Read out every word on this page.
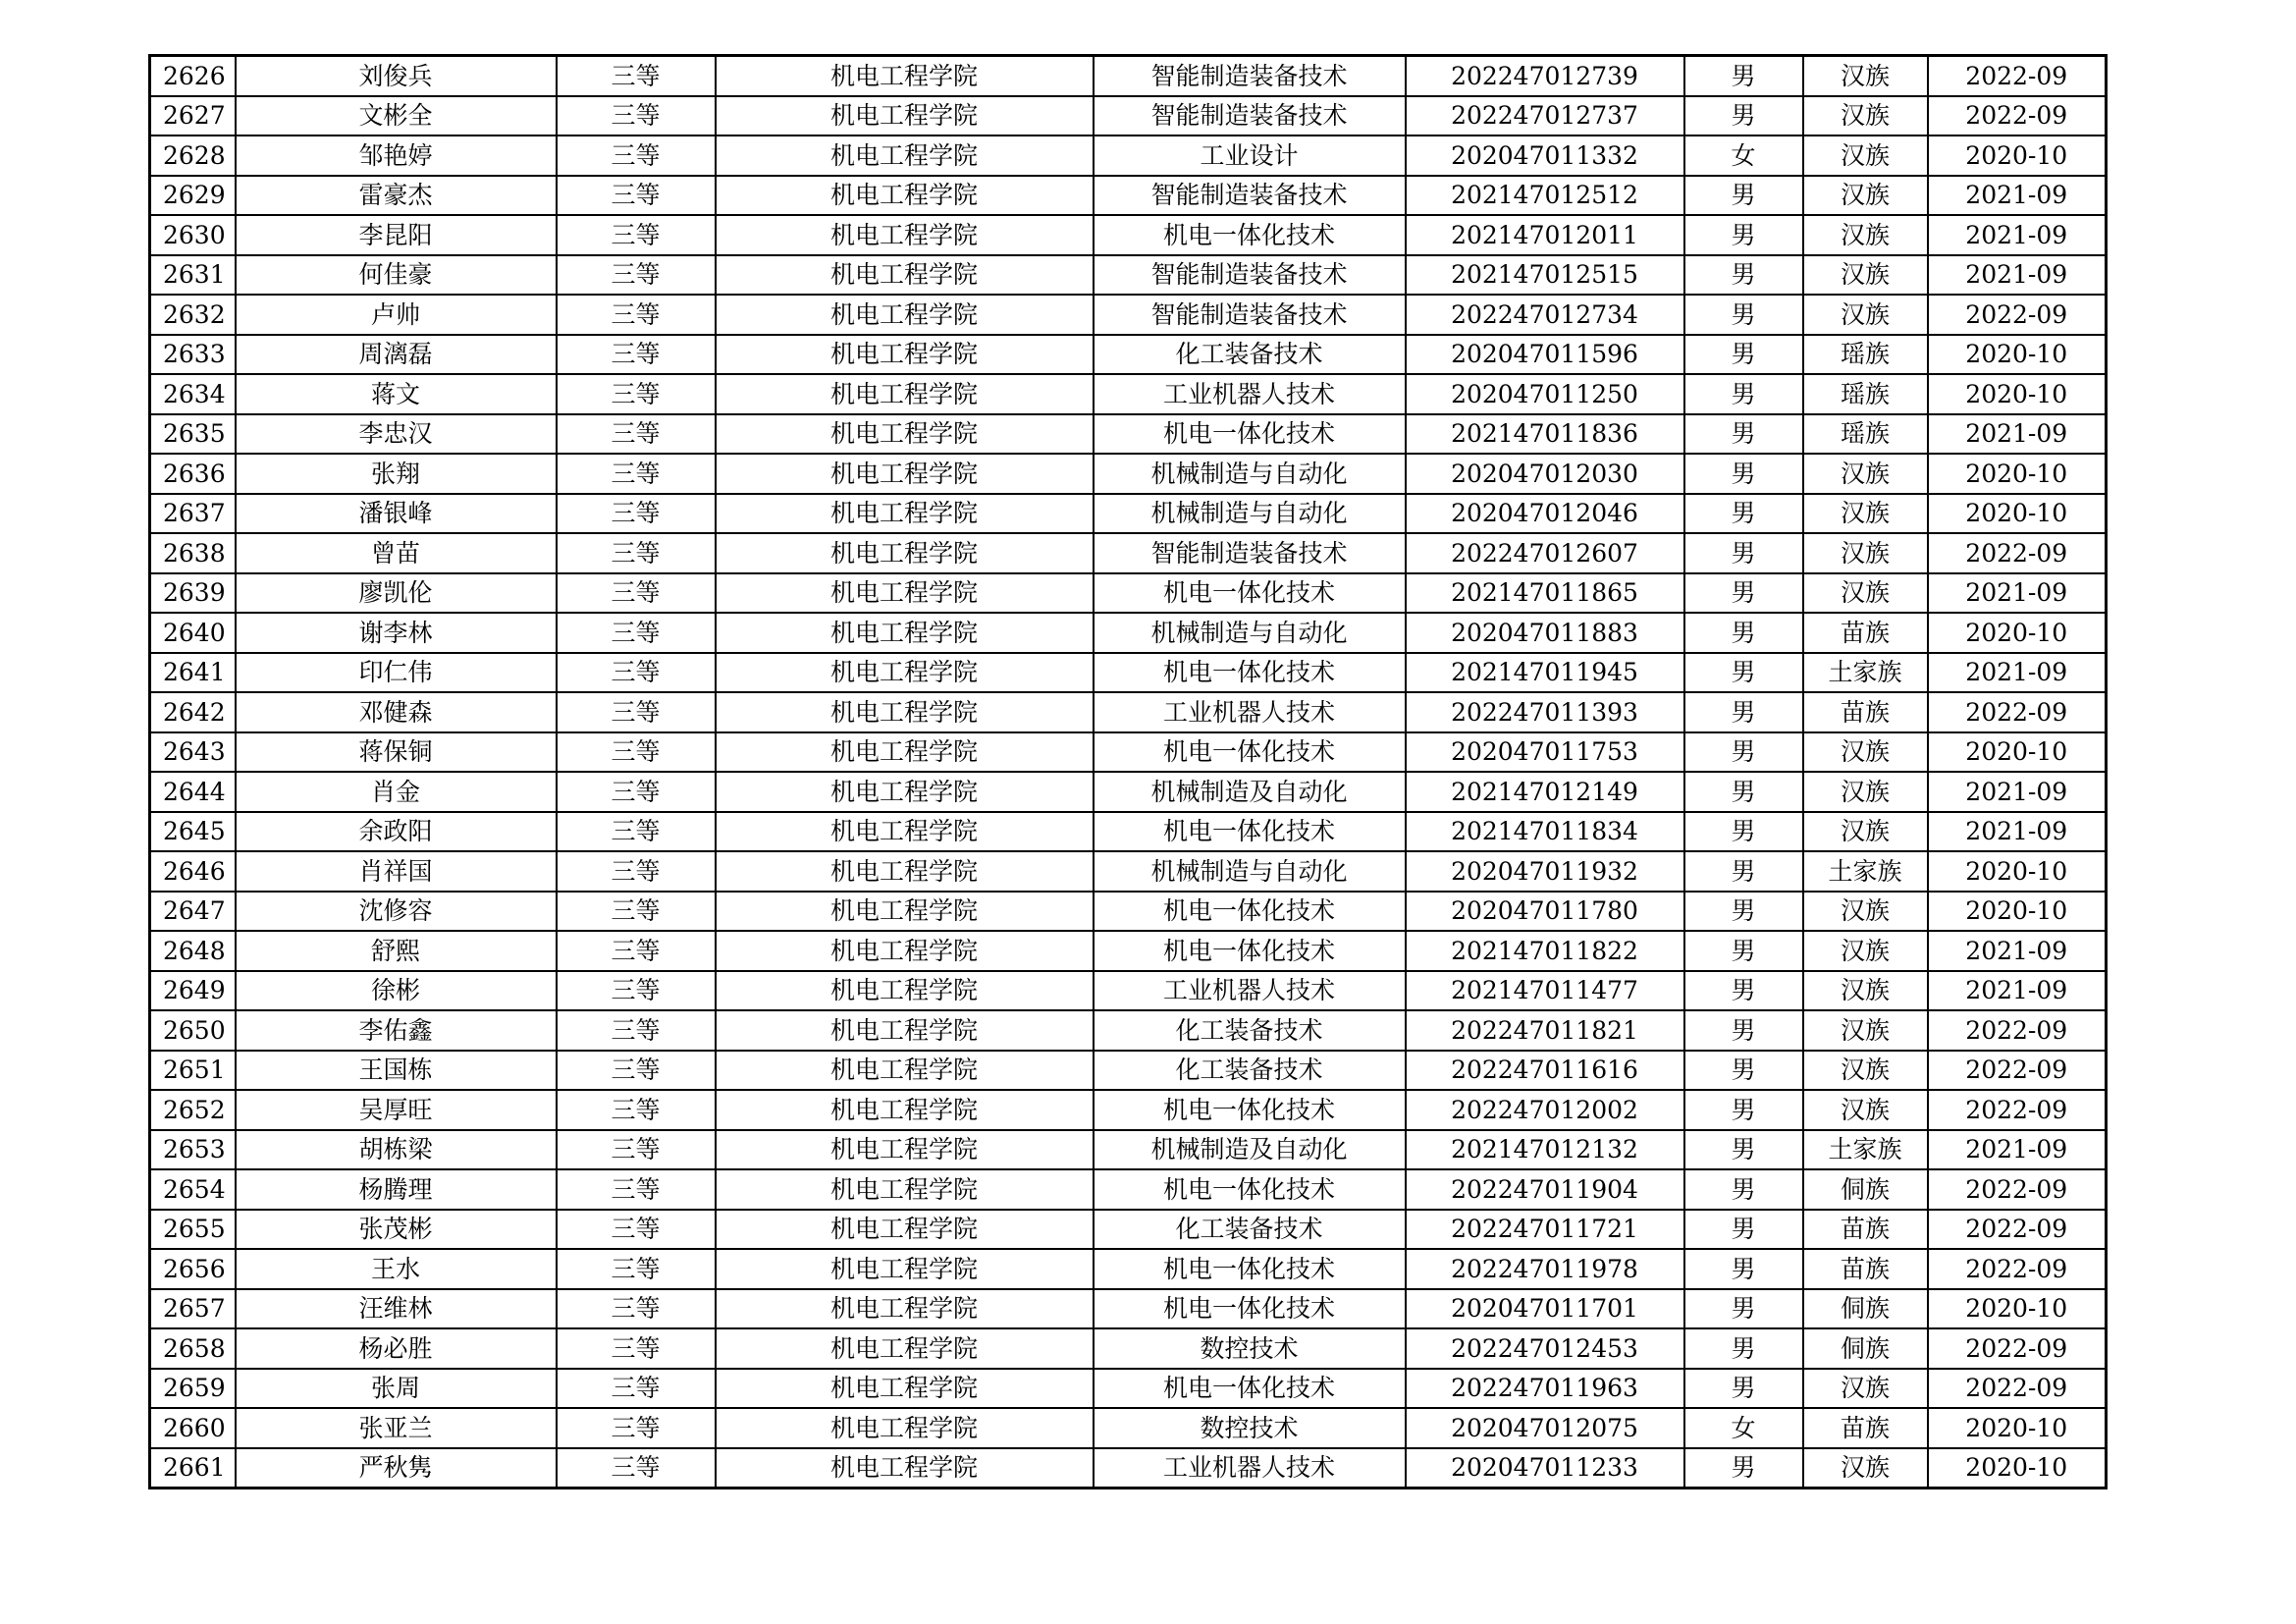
2626	刘俊兵	三等	机电工程学院	智能制造装备技术	202247012739	男	汉族	2022-09
2627	文彬全	三等	机电工程学院	智能制造装备技术	202247012737	男	汉族	2022-09
2628	邹艳婷	三等	机电工程学院	工业设计	202047011332	女	汉族	2020-10
2629	雷豪杰	三等	机电工程学院	智能制造装备技术	202147012512	男	汉族	2021-09
2630	李昆阳	三等	机电工程学院	机电一体化技术	202147012011	男	汉族	2021-09
2631	何佳豪	三等	机电工程学院	智能制造装备技术	202147012515	男	汉族	2021-09
2632	卢帅	三等	机电工程学院	智能制造装备技术	202247012734	男	汉族	2022-09
2633	周漓磊	三等	机电工程学院	化工装备技术	202047011596	男	瑶族	2020-10
2634	蒋文	三等	机电工程学院	工业机器人技术	202047011250	男	瑶族	2020-10
2635	李忠汉	三等	机电工程学院	机电一体化技术	202147011836	男	瑶族	2021-09
2636	张翔	三等	机电工程学院	机械制造与自动化	202047012030	男	汉族	2020-10
2637	潘银峰	三等	机电工程学院	机械制造与自动化	202047012046	男	汉族	2020-10
2638	曾苗	三等	机电工程学院	智能制造装备技术	202247012607	男	汉族	2022-09
2639	廖凯伦	三等	机电工程学院	机电一体化技术	202147011865	男	汉族	2021-09
2640	谢李林	三等	机电工程学院	机械制造与自动化	202047011883	男	苗族	2020-10
2641	印仁伟	三等	机电工程学院	机电一体化技术	202147011945	男	土家族	2021-09
2642	邓健森	三等	机电工程学院	工业机器人技术	202247011393	男	苗族	2022-09
2643	蒋保铜	三等	机电工程学院	机电一体化技术	202047011753	男	汉族	2020-10
2644	肖金	三等	机电工程学院	机械制造及自动化	202147012149	男	汉族	2021-09
2645	余政阳	三等	机电工程学院	机电一体化技术	202147011834	男	汉族	2021-09
2646	肖祥国	三等	机电工程学院	机械制造与自动化	202047011932	男	土家族	2020-10
2647	沈修容	三等	机电工程学院	机电一体化技术	202047011780	男	汉族	2020-10
2648	舒熙	三等	机电工程学院	机电一体化技术	202147011822	男	汉族	2021-09
2649	徐彬	三等	机电工程学院	工业机器人技术	202147011477	男	汉族	2021-09
2650	李佑鑫	三等	机电工程学院	化工装备技术	202247011821	男	汉族	2022-09
2651	王国栋	三等	机电工程学院	化工装备技术	202247011616	男	汉族	2022-09
2652	吴厚旺	三等	机电工程学院	机电一体化技术	202247012002	男	汉族	2022-09
2653	胡栋梁	三等	机电工程学院	机械制造及自动化	202147012132	男	土家族	2021-09
2654	杨腾理	三等	机电工程学院	机电一体化技术	202247011904	男	侗族	2022-09
2655	张茂彬	三等	机电工程学院	化工装备技术	202247011721	男	苗族	2022-09
2656	王水	三等	机电工程学院	机电一体化技术	202247011978	男	苗族	2022-09
2657	汪维林	三等	机电工程学院	机电一体化技术	202047011701	男	侗族	2020-10
2658	杨必胜	三等	机电工程学院	数控技术	202247012453	男	侗族	2022-09
2659	张周	三等	机电工程学院	机电一体化技术	202247011963	男	汉族	2022-09
2660	张亚兰	三等	机电工程学院	数控技术	202047012075	女	苗族	2020-10
2661	严秋隽	三等	机电工程学院	工业机器人技术	202047011233	男	汉族	2020-10
